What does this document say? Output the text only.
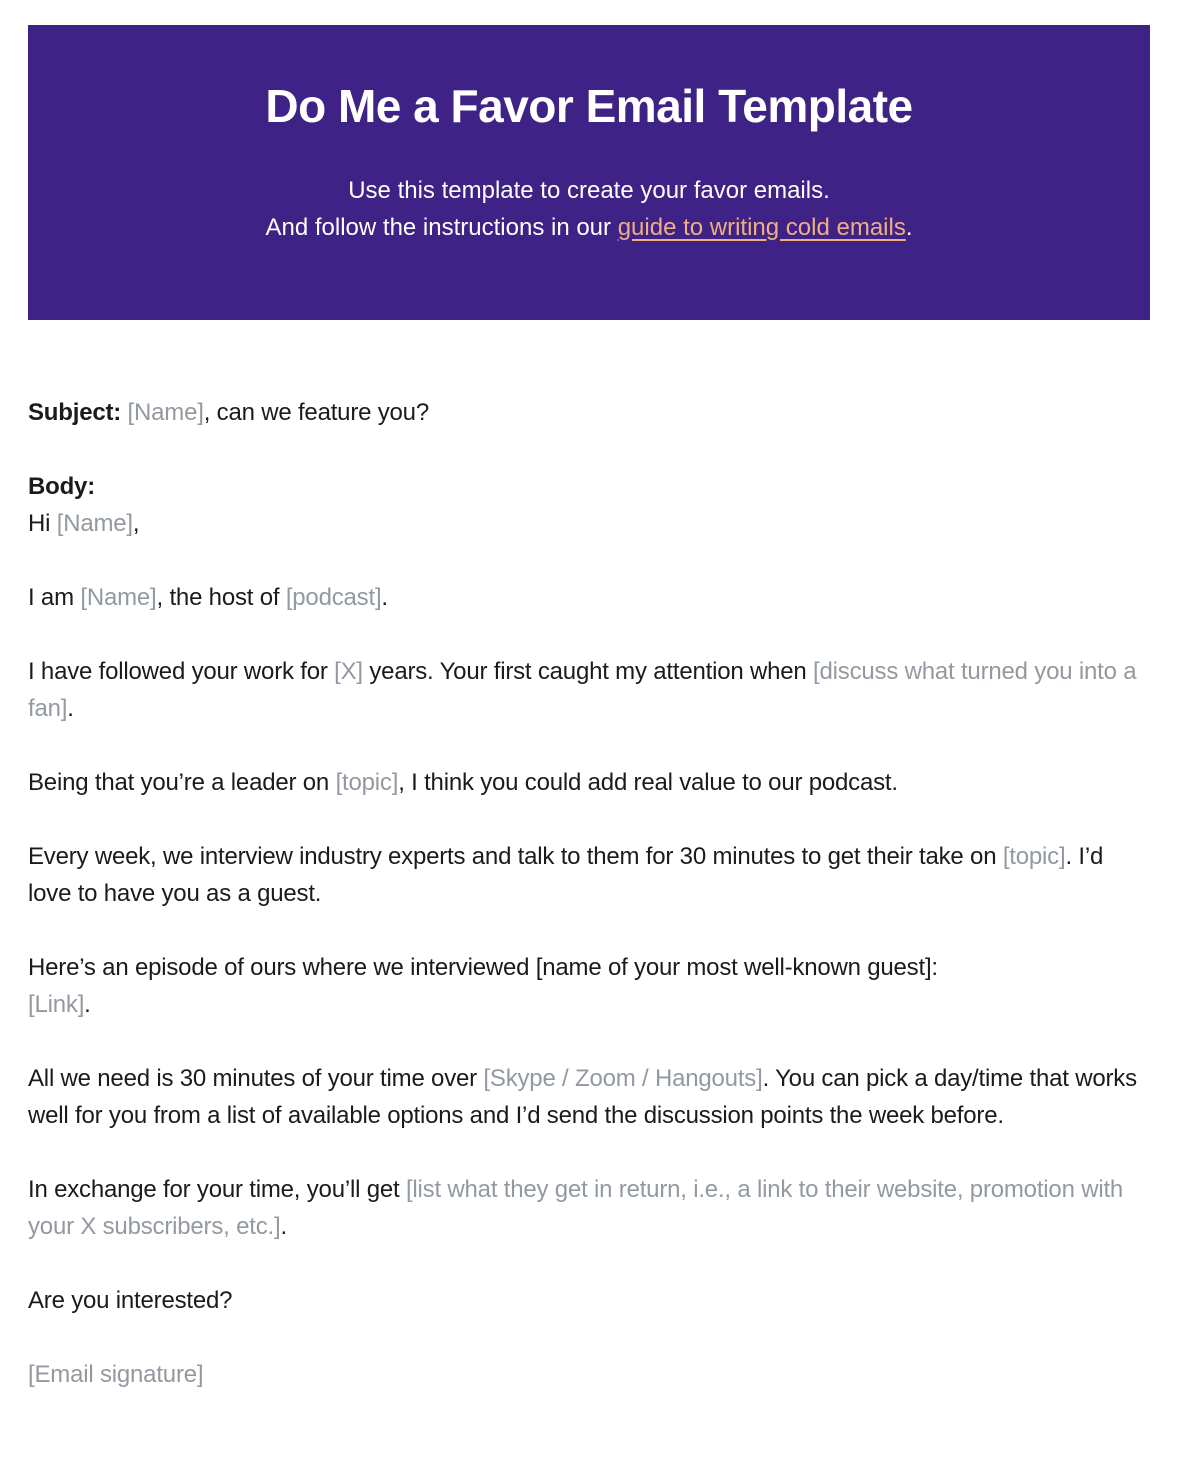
Do Me a Favor Email Template

Use this template to create your favor emails.
And follow the instructions in our guide to writing cold emails.

Subject: [Name], can we feature you?

Body:

Hi [Name],

I am [Name], the host of [podcast].

I have followed your work for [X] years. Your first caught my attention when [discuss what turned you into a fan].

Being that you’re a leader on [topic], I think you could add real value to our podcast.

Every week, we interview industry experts and talk to them for 30 minutes to get their take on [topic]. I’d love to have you as a guest.

Here’s an episode of ours where we interviewed [name of your most well-known guest]:
[Link].

All we need is 30 minutes of your time over [Skype / Zoom / Hangouts]. You can pick a day/time that works well for you from a list of available options and I’d send the discussion points the week before.

In exchange for your time, you’ll get [list what they get in return, i.e., a link to their website, promotion with your X subscribers, etc.].

Are you interested?

[Email signature]
